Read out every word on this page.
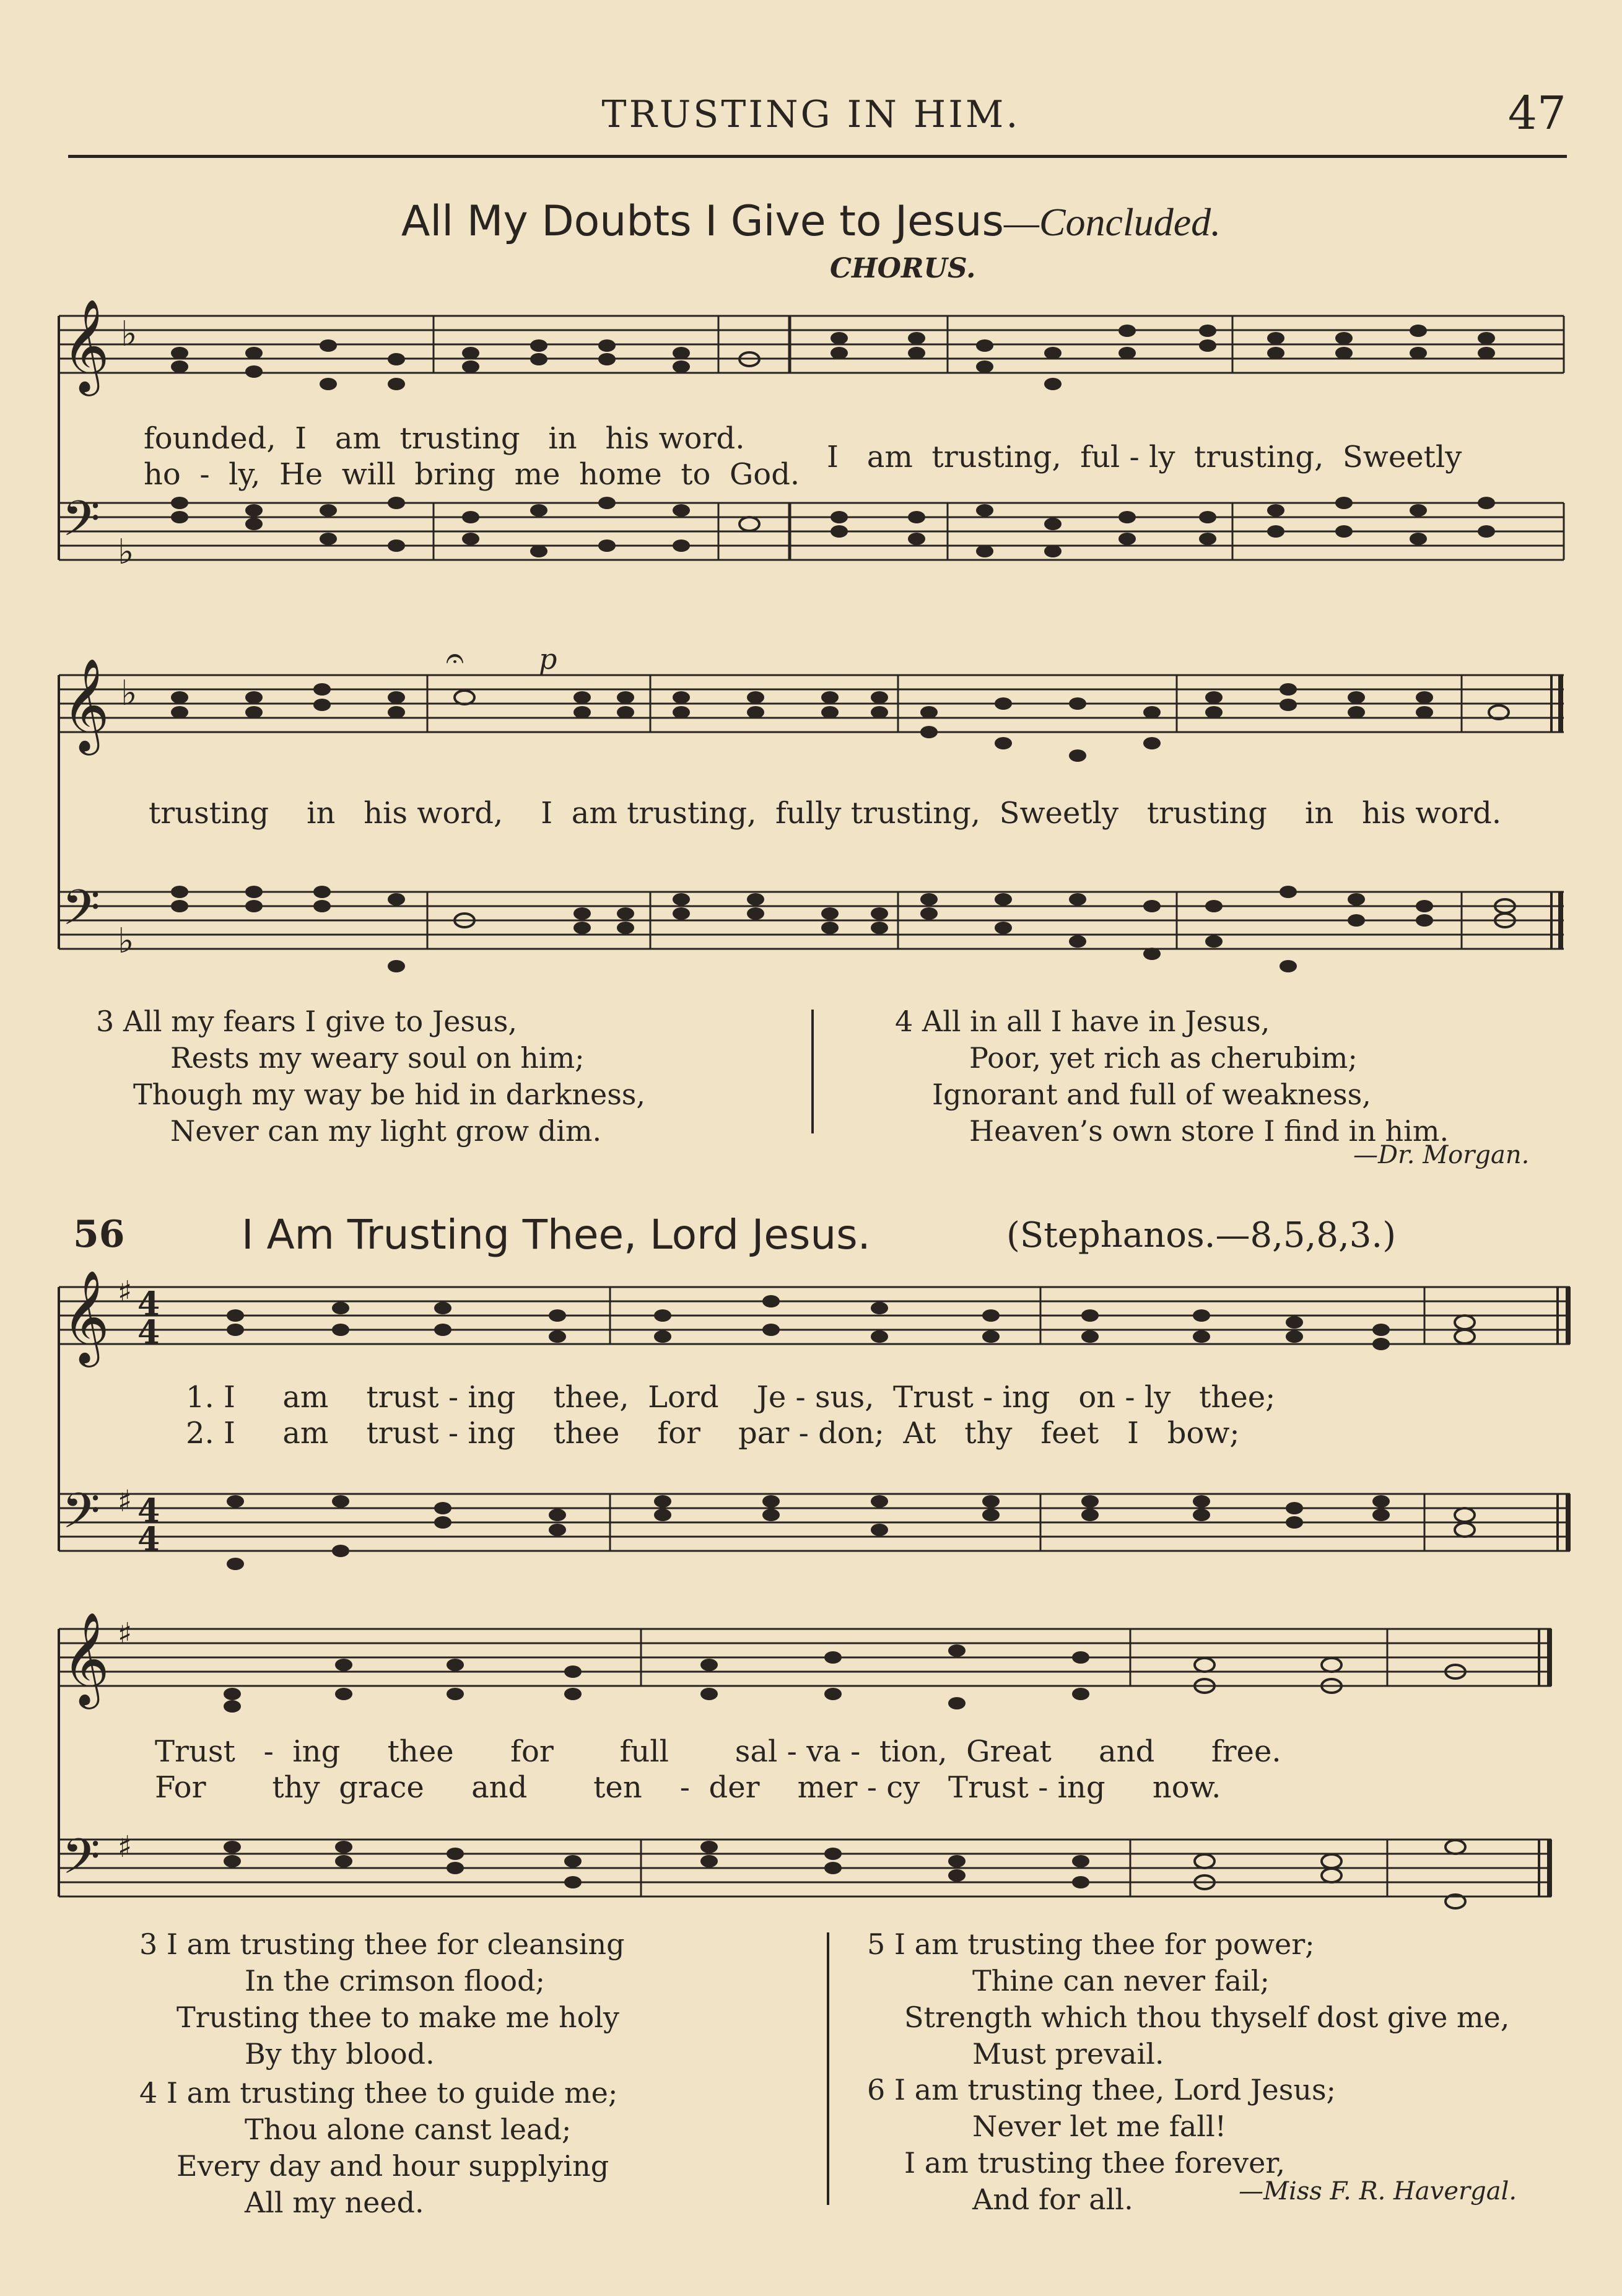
TRUSTING IN HIM.	47
All My Doubts I Give to Jesus—Concluded.
CHORUS.
𝄞
𝄢
♭
♭
founded, I am trusting in his word.
ho - ly, He will bring me home to God. I am trusting, ful - ly trusting, Sweetly
𝄞
𝄢
♭
♭
𝄐	p
trusting in his word, I am trusting, fully trusting, Sweetly trusting in his word.
3 All my fears I give to Jesus,
Rests my weary soul on him;
Though my way be hid in darkness,
Never can my light grow dim.
4 All in all I have in Jesus,
Poor, yet rich as cherubim;
Ignorant and full of weakness,
Heaven’s own store I find in him.
—Dr. Morgan.
56	I Am Trusting Thee, Lord Jesus.	(Stephanos.—8,5,8,3.)
𝄞
𝄢
♯
♯
4
4
4
4
1. I am trust - ing thee, Lord Je - sus, Trust - ing on - ly thee;
2. I am trust - ing thee for par - don; At thy feet I bow;
𝄞
𝄢
♯
♯
Trust - ing thee for full sal - va - tion, Great and free.
For thy grace and ten - der mer - cy Trust - ing now.
3 I am trusting thee for cleansing
In the crimson flood;
Trusting thee to make me holy
By thy blood.
4 I am trusting thee to guide me;
Thou alone canst lead;
Every day and hour supplying
All my need.
5 I am trusting thee for power;
Thine can never fail;
Strength which thou thyself dost give me,
Must prevail.
6 I am trusting thee, Lord Jesus;
Never let me fall!
I am trusting thee forever,
And for all.	—Miss F. R. Havergal.
